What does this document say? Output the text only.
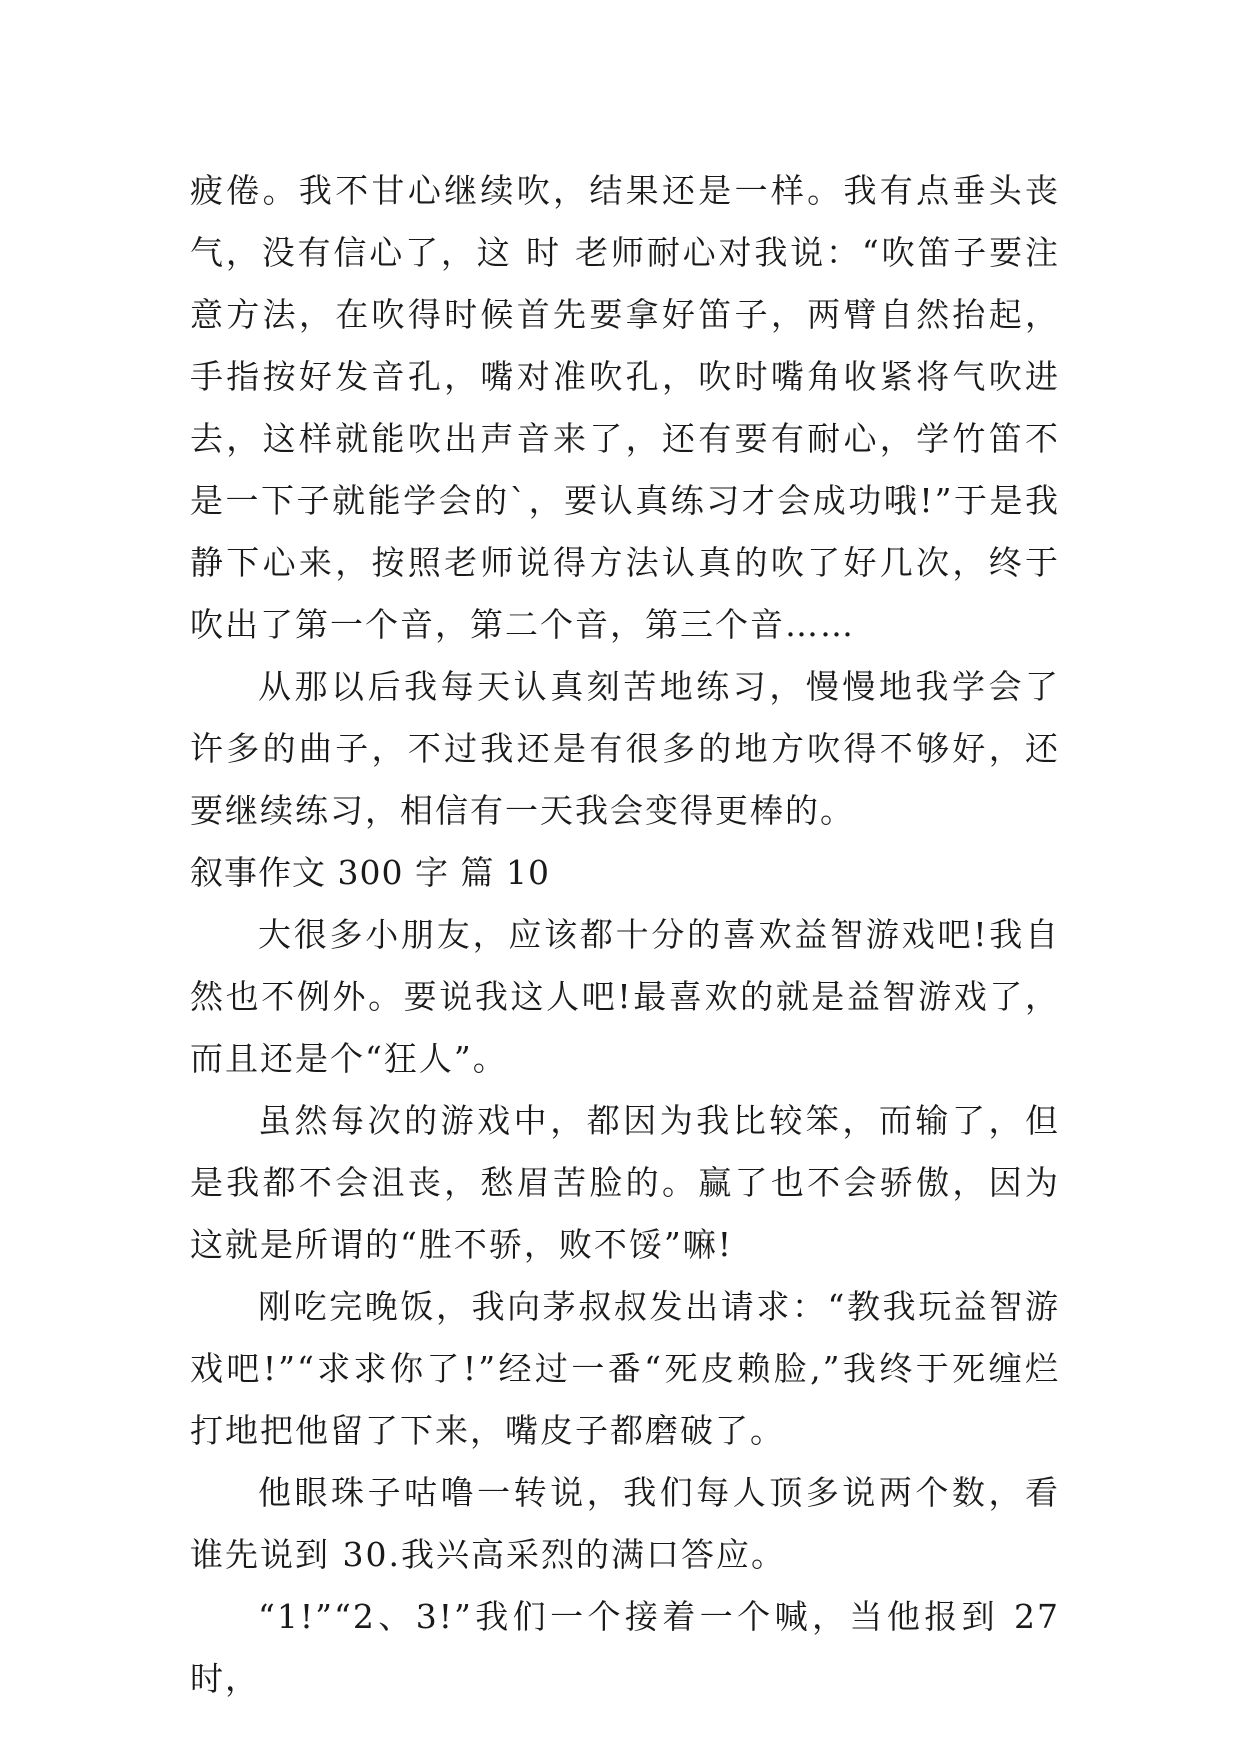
疲倦。我不甘心继续吹，结果还是一样。我有点垂头丧气，没有信心了，这 时 老师耐心对我说：“吹笛子要注意方法，在吹得时候首先要拿好笛子，两臂自然抬起，手指按好发音孔，嘴对准吹孔，吹时嘴角收紧将气吹进去，这样就能吹出声音来了，还有要有耐心，学竹笛不是一下子就能学会的`，要认真练习才会成功哦!”于是我静下心来，按照老师说得方法认真的吹了好几次，终于吹出了第一个音，第二个音，第三个音……

从那以后我每天认真刻苦地练习，慢慢地我学会了许多的曲子，不过我还是有很多的地方吹得不够好，还要继续练习，相信有一天我会变得更棒的。

叙事作文 300 字 篇 10

大很多小朋友，应该都十分的喜欢益智游戏吧!我自然也不例外。要说我这人吧!最喜欢的就是益智游戏了，而且还是个“狂人”。

虽然每次的游戏中，都因为我比较笨，而输了，但是我都不会沮丧，愁眉苦脸的。赢了也不会骄傲，因为这就是所谓的“胜不骄，败不馁”嘛!

刚吃完晚饭，我向茅叔叔发出请求：“教我玩益智游戏吧!”“求求你了!”经过一番“死皮赖脸,”我终于死缠烂打地把他留了下来，嘴皮子都磨破了。

他眼珠子咕噜一转说，我们每人顶多说两个数，看谁先说到 30.我兴高采烈的满口答应。

“1!”“2、3!”我们一个接着一个喊，当他报到 27 时，
